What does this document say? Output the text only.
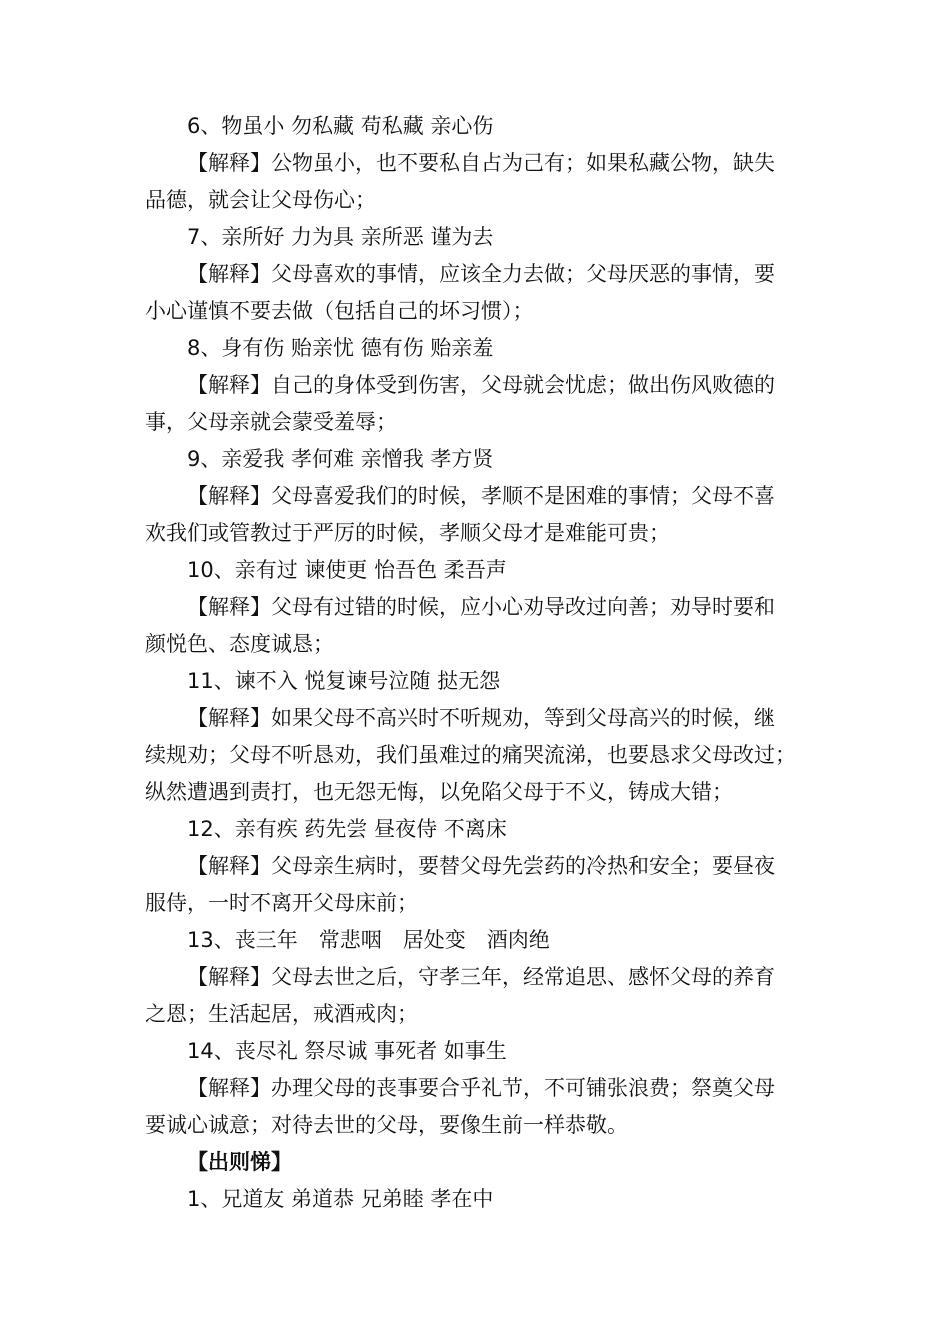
6、物虽小 勿私藏 苟私藏 亲心伤
【解释】公物虽小，也不要私自占为己有；如果私藏公物，缺失
品德，就会让父母伤心；
7、亲所好 力为具 亲所恶 谨为去
【解释】父母喜欢的事情，应该全力去做；父母厌恶的事情，要
小心谨慎不要去做（包括自己的坏习惯）；
8、身有伤 贻亲忧 德有伤 贻亲羞
【解释】自己的身体受到伤害，父母就会忧虑；做出伤风败德的
事，父母亲就会蒙受羞辱；
9、亲爱我 孝何难 亲憎我 孝方贤
【解释】父母喜爱我们的时候，孝顺不是困难的事情；父母不喜
欢我们或管教过于严厉的时候，孝顺父母才是难能可贵；
10、亲有过 谏使更 怡吾色 柔吾声
【解释】父母有过错的时候，应小心劝导改过向善；劝导时要和
颜悦色、态度诚恳；
11、谏不入 悦复谏号泣随 挞无怨
【解释】如果父母不高兴时不听规劝，等到父母高兴的时候，继
续规劝；父母不听恳劝，我们虽难过的痛哭流涕，也要恳求父母改过；
纵然遭遇到责打，也无怨无悔，以免陷父母于不义，铸成大错；
12、亲有疾 药先尝 昼夜侍 不离床
【解释】父母亲生病时，要替父母先尝药的冷热和安全；要昼夜
服侍，一时不离开父母床前；
13、丧三年　常悲咽　居处变　酒肉绝
【解释】父母去世之后，守孝三年，经常追思、感怀父母的养育
之恩；生活起居，戒酒戒肉；
14、丧尽礼 祭尽诚 事死者 如事生
【解释】办理父母的丧事要合乎礼节，不可铺张浪费；祭奠父母
要诚心诚意；对待去世的父母，要像生前一样恭敬。
【出则悌】
1、兄道友 弟道恭 兄弟睦 孝在中
